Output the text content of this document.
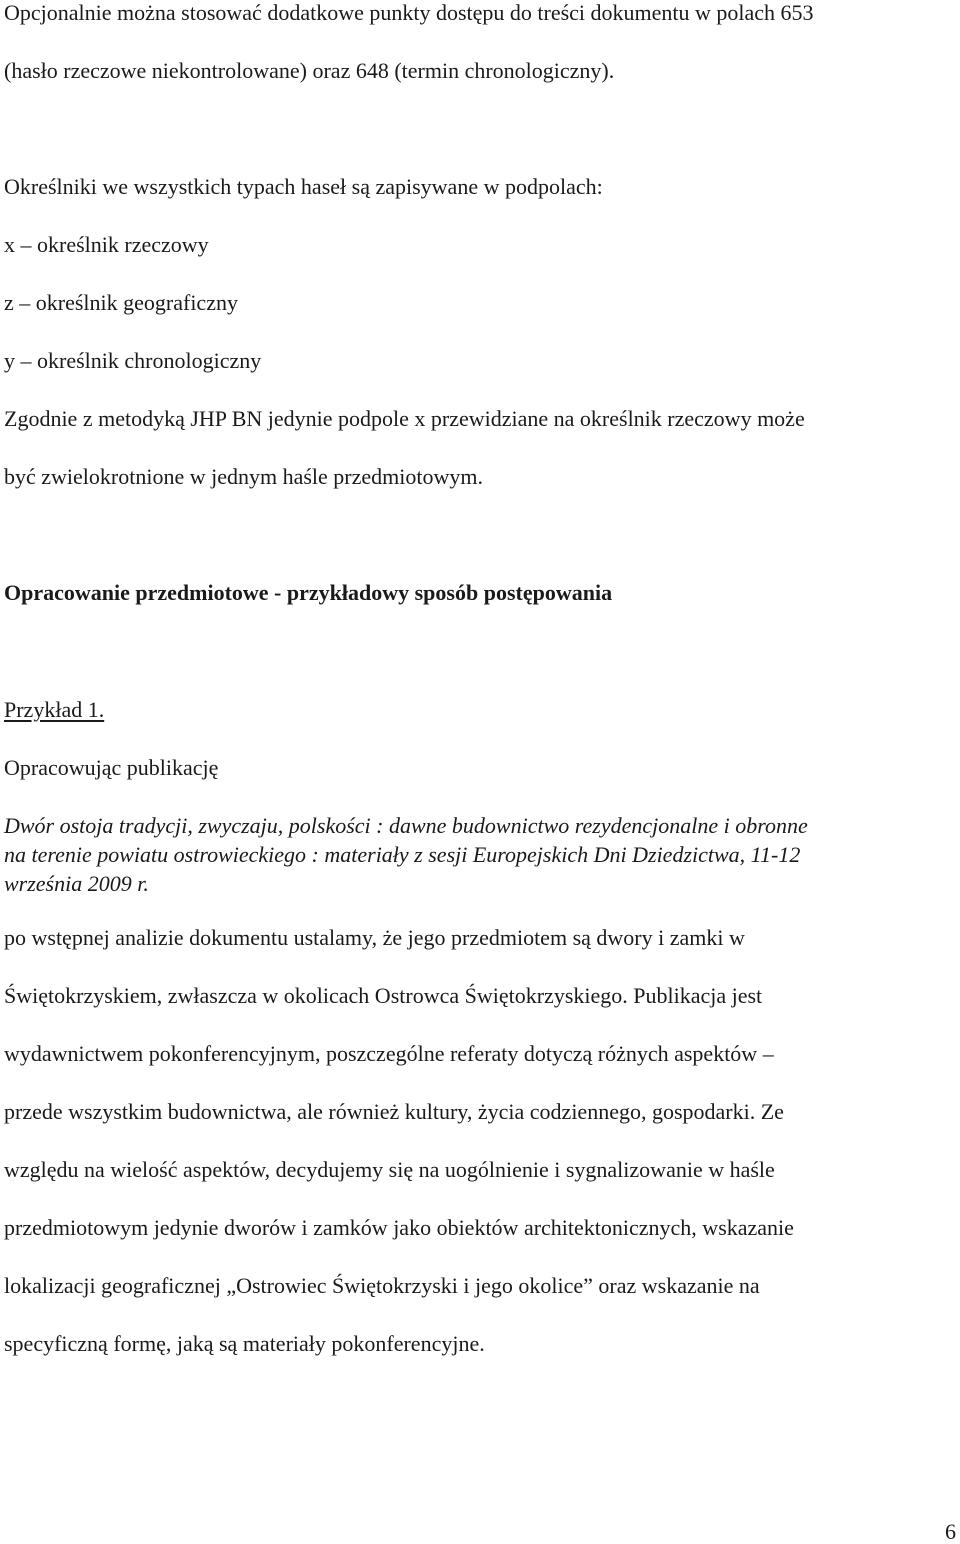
Opcjonalnie można stosować dodatkowe punkty dostępu do treści dokumentu w polach 653
(hasło rzeczowe niekontrolowane) oraz 648 (termin chronologiczny).
Określniki we wszystkich typach haseł są zapisywane w podpolach:
x – określnik rzeczowy
z – określnik geograficzny
y – określnik chronologiczny
Zgodnie z metodyką JHP BN jedynie podpole x przewidziane na określnik rzeczowy może
być zwielokrotnione w jednym haśle przedmiotowym.
Opracowanie przedmiotowe - przykładowy sposób postępowania
Przykład 1.
Opracowując publikację
Dwór ostoja tradycji, zwyczaju, polskości : dawne budownictwo rezydencjonalne i obronne
na terenie powiatu ostrowieckiego : materiały z sesji Europejskich Dni Dziedzictwa, 11-12
września 2009 r.
po wstępnej analizie dokumentu ustalamy, że jego przedmiotem są dwory i zamki w
Świętokrzyskiem, zwłaszcza w okolicach Ostrowca Świętokrzyskiego. Publikacja jest
wydawnictwem pokonferencyjnym, poszczególne referaty dotyczą różnych aspektów –
przede wszystkim budownictwa, ale również kultury, życia codziennego, gospodarki. Ze
względu na wielość aspektów, decydujemy się na uogólnienie i sygnalizowanie w haśle
przedmiotowym jedynie dworów i zamków jako obiektów architektonicznych, wskazanie
lokalizacji geograficznej „Ostrowiec Świętokrzyski i jego okolice” oraz wskazanie na
specyficzną formę, jaką są materiały pokonferencyjne.
6
